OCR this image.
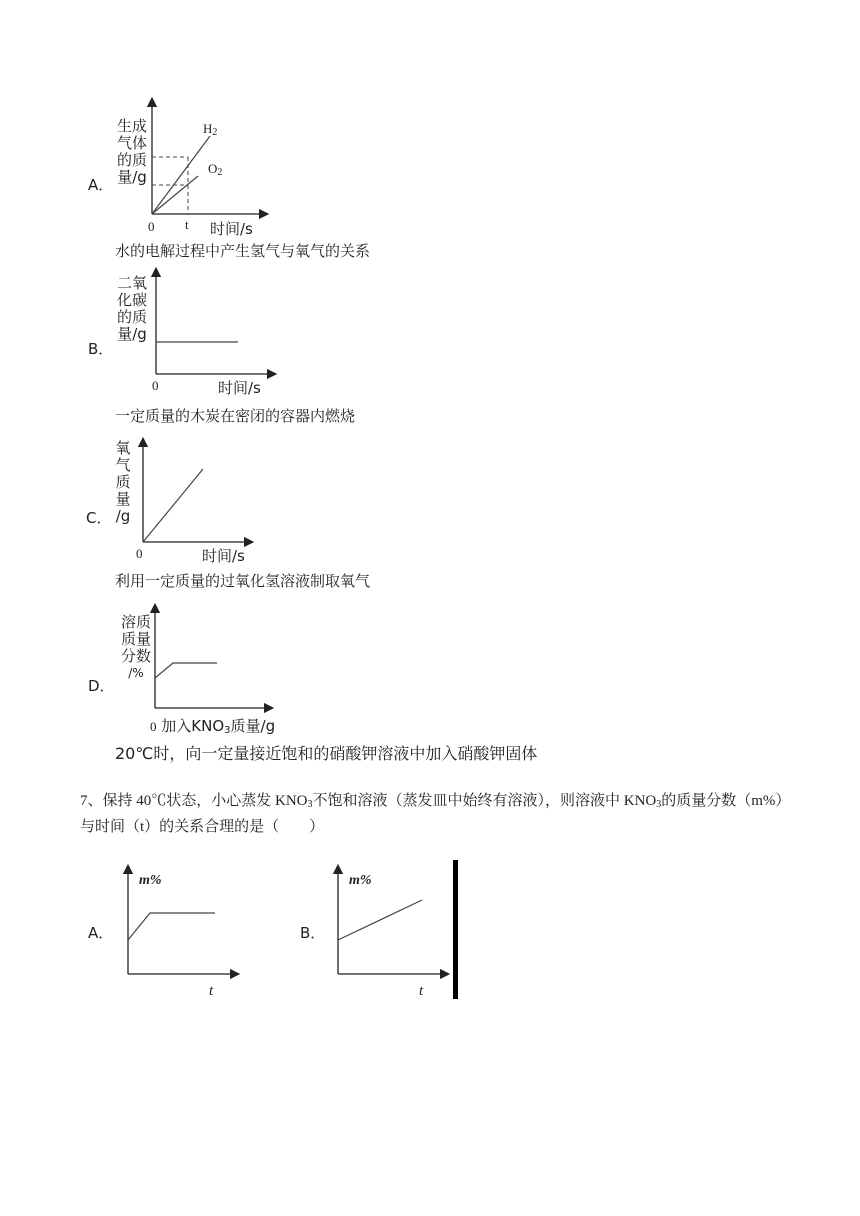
生成
气体
的质
量/g
A．
$H_2$
$O_2$
0 t 时间/s
水的电解过程中产生氢气与氧气的关系
二氧
化碳
的质
量/g
B．
0	时间/s
一定质量的木炭在密闭的容器内燃烧
氧
气
质
量
/g
C．
0	时间/s
利用一定质量的过氧化氢溶液制取氧气
溶质
质量
分数
/%
D．
0 加入$KNO_3$质量/g
20℃时，向一定量接近饱和的硝酸钾溶液中加入硝酸钾固体
7、保持 40℃状态，小心蒸发 $KNO_3$不饱和溶液（蒸发皿中始终有溶液），则溶液中 $KNO_3$的质量分数（m%）
与时间（t）的关系合理的是（　　）
A．
m%
t
B．
m%
t
